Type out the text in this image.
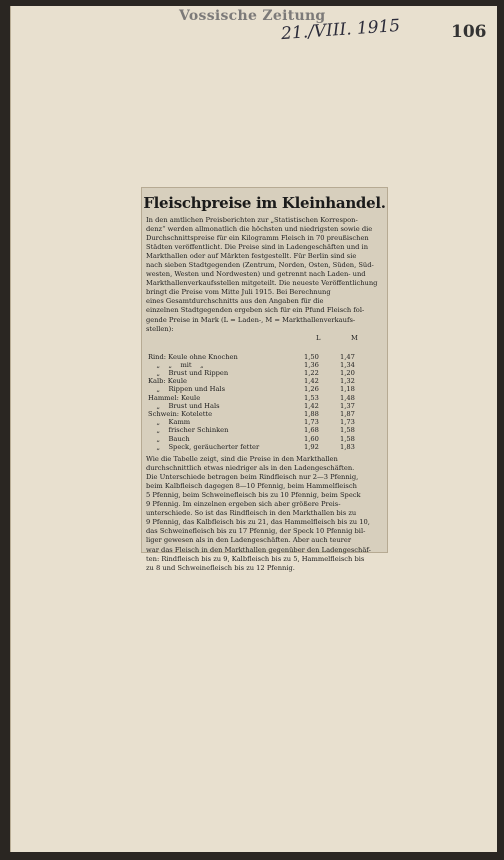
Vossische Zeitung
21./VIII. 1915	106
Fleischpreise im Kleinhandel.
In den amtlichen Preisberichten zur „Statistischen Korrespon-
denz“ werden allmonatlich die höchsten und niedrigsten sowie die
Durchschnittspreise für ein Kilogramm Fleisch in 70 preußischen
Städten veröffentlicht. Die Preise sind in Ladengeschäften und in
Markthallen oder auf Märkten festgestellt. Für Berlin sind sie
nach sieben Stadtgegenden (Zentrum, Norden, Osten, Süden, Süd-
westen, Westen und Nordwesten) und getrennt nach Laden- und
Markthallenverkaufsstellen mitgeteilt. Die neueste Veröffentlichung
bringt die Preise vom Mitte Juli 1915. Bei Berechnung
eines Gesamtdurchschnitts aus den Angaben für die
einzelnen Stadtgegenden ergeben sich für ein Pfund Fleisch fol-
gende Preise in Mark (L = Laden-, M = Markthallenverkaufs-
stellen):
L	M
Rind: Keule ohne Knochen	1,50	1,47
„    „    mit    „	1,36	1,34
„    Brust und Rippen	1,22	1,20
Kalb: Keule	1,42	1,32
„    Rippen und Hals	1,26	1,18
Hammel: Keule	1,53	1,48
„    Brust und Hals	1,42	1,37
Schwein: Kotelette	1,88	1,87
„    Kamm	1,73	1,73
„    frischer Schinken	1,68	1,58
„    Bauch	1,60	1,58
„    Speck, geräucherter fetter	1,92	1,83
Wie die Tabelle zeigt, sind die Preise in den Markthallen
durchschnittlich etwas niedriger als in den Ladengeschäften.
Die Unterschiede betragen beim Rindfleisch nur 2—3 Pfennig,
beim Kalbfleisch dagegen 8—10 Pfennig, beim Hammelfleisch
5 Pfennig, beim Schweinefleisch bis zu 10 Pfennig, beim Speck
9 Pfennig. Im einzelnen ergeben sich aber größere Preis-
unterschiede. So ist das Rindfleisch in den Markthallen bis zu
9 Pfennig, das Kalbfleisch bis zu 21, das Hammelfleisch bis zu 10,
das Schweinefleisch bis zu 17 Pfennig, der Speck 10 Pfennig bil-
liger gewesen als in den Ladengeschäften. Aber auch teurer
war das Fleisch in den Markthallen gegenüber den Ladengeschäf-
ten: Rindfleisch bis zu 9, Kalbfleisch bis zu 5, Hammelfleisch bis
zu 8 und Schweinefleisch bis zu 12 Pfennig.
